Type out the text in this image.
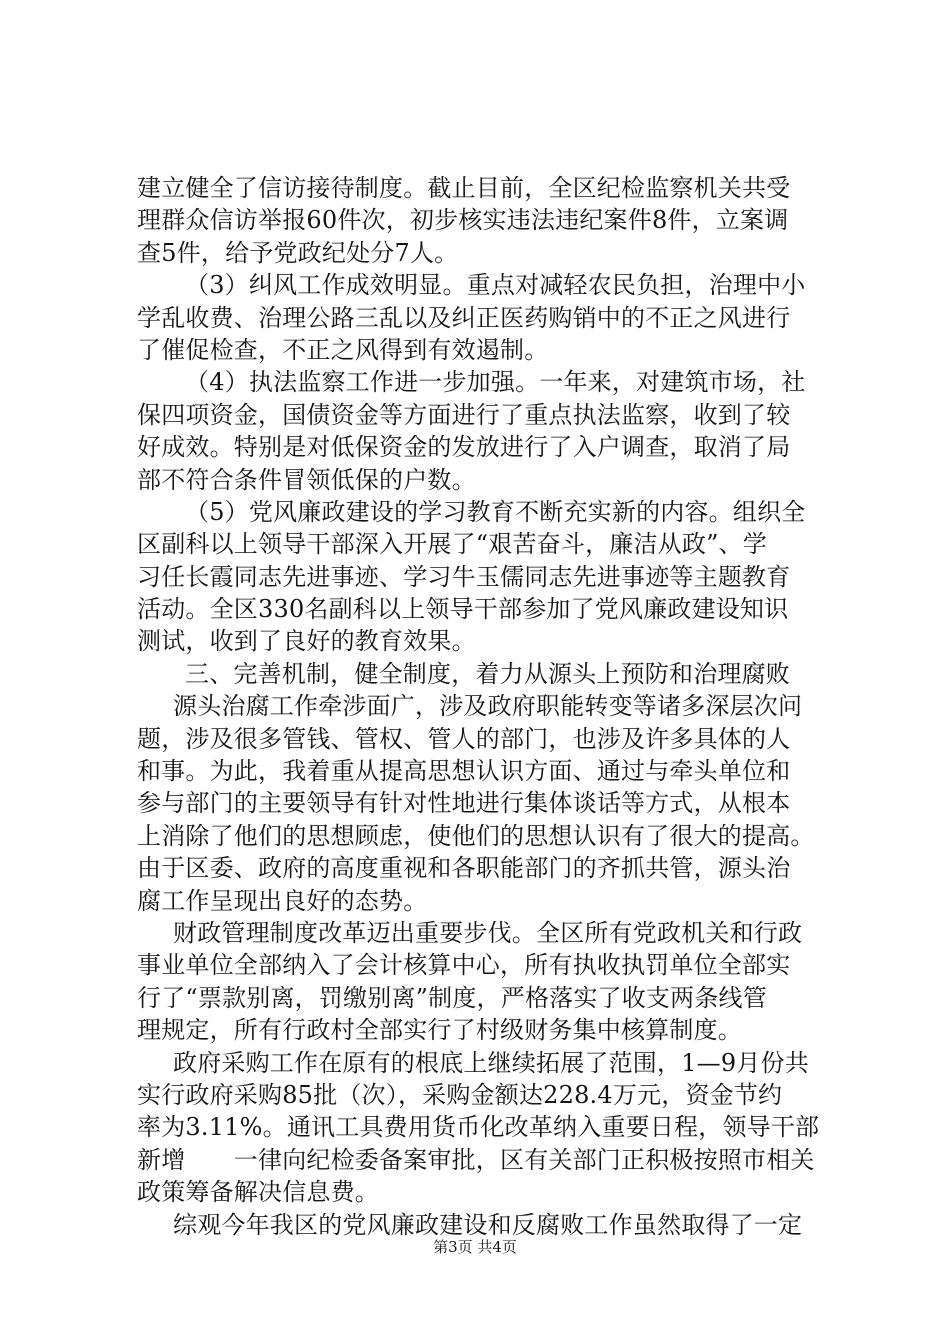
建立健全了信访接待制度。截止目前，全区纪检监察机关共受
理群众信访举报60件次，初步核实违法违纪案件8件，立案调
查5件，给予党政纪处分7人。
（3）纠风工作成效明显。重点对减轻农民负担，治理中小
学乱收费、治理公路三乱以及纠正医药购销中的不正之风进行
了催促检查，不正之风得到有效遏制。
（4）执法监察工作进一步加强。一年来，对建筑市场，社
保四项资金，国债资金等方面进行了重点执法监察，收到了较
好成效。特别是对低保资金的发放进行了入户调查，取消了局
部不符合条件冒领低保的户数。
（5）党风廉政建设的学习教育不断充实新的内容。组织全
区副科以上领导干部深入开展了“艰苦奋斗，廉洁从政”、学
习任长霞同志先进事迹、学习牛玉儒同志先进事迹等主题教育
活动。全区330名副科以上领导干部参加了党风廉政建设知识
测试，收到了良好的教育效果。
三、完善机制，健全制度，着力从源头上预防和治理腐败
源头治腐工作牵涉面广，涉及政府职能转变等诸多深层次问
题，涉及很多管钱、管权、管人的部门，也涉及许多具体的人
和事。为此，我着重从提高思想认识方面、通过与牵头单位和
参与部门的主要领导有针对性地进行集体谈话等方式，从根本
上消除了他们的思想顾虑，使他们的思想认识有了很大的提高。
由于区委、政府的高度重视和各职能部门的齐抓共管，源头治
腐工作呈现出良好的态势。
财政管理制度改革迈出重要步伐。全区所有党政机关和行政
事业单位全部纳入了会计核算中心，所有执收执罚单位全部实
行了“票款别离，罚缴别离”制度，严格落实了收支两条线管
理规定，所有行政村全部实行了村级财务集中核算制度。
政府采购工作在原有的根底上继续拓展了范围，1—9月份共
实行政府采购85批（次），采购金额达228.4万元，资金节约
率为3.11%。通讯工具费用货币化改革纳入重要日程，领导干部
新增　　一律向纪检委备案审批，区有关部门正积极按照市相关
政策筹备解决信息费。
综观今年我区的党风廉政建设和反腐败工作虽然取得了一定
第3页 共4页
